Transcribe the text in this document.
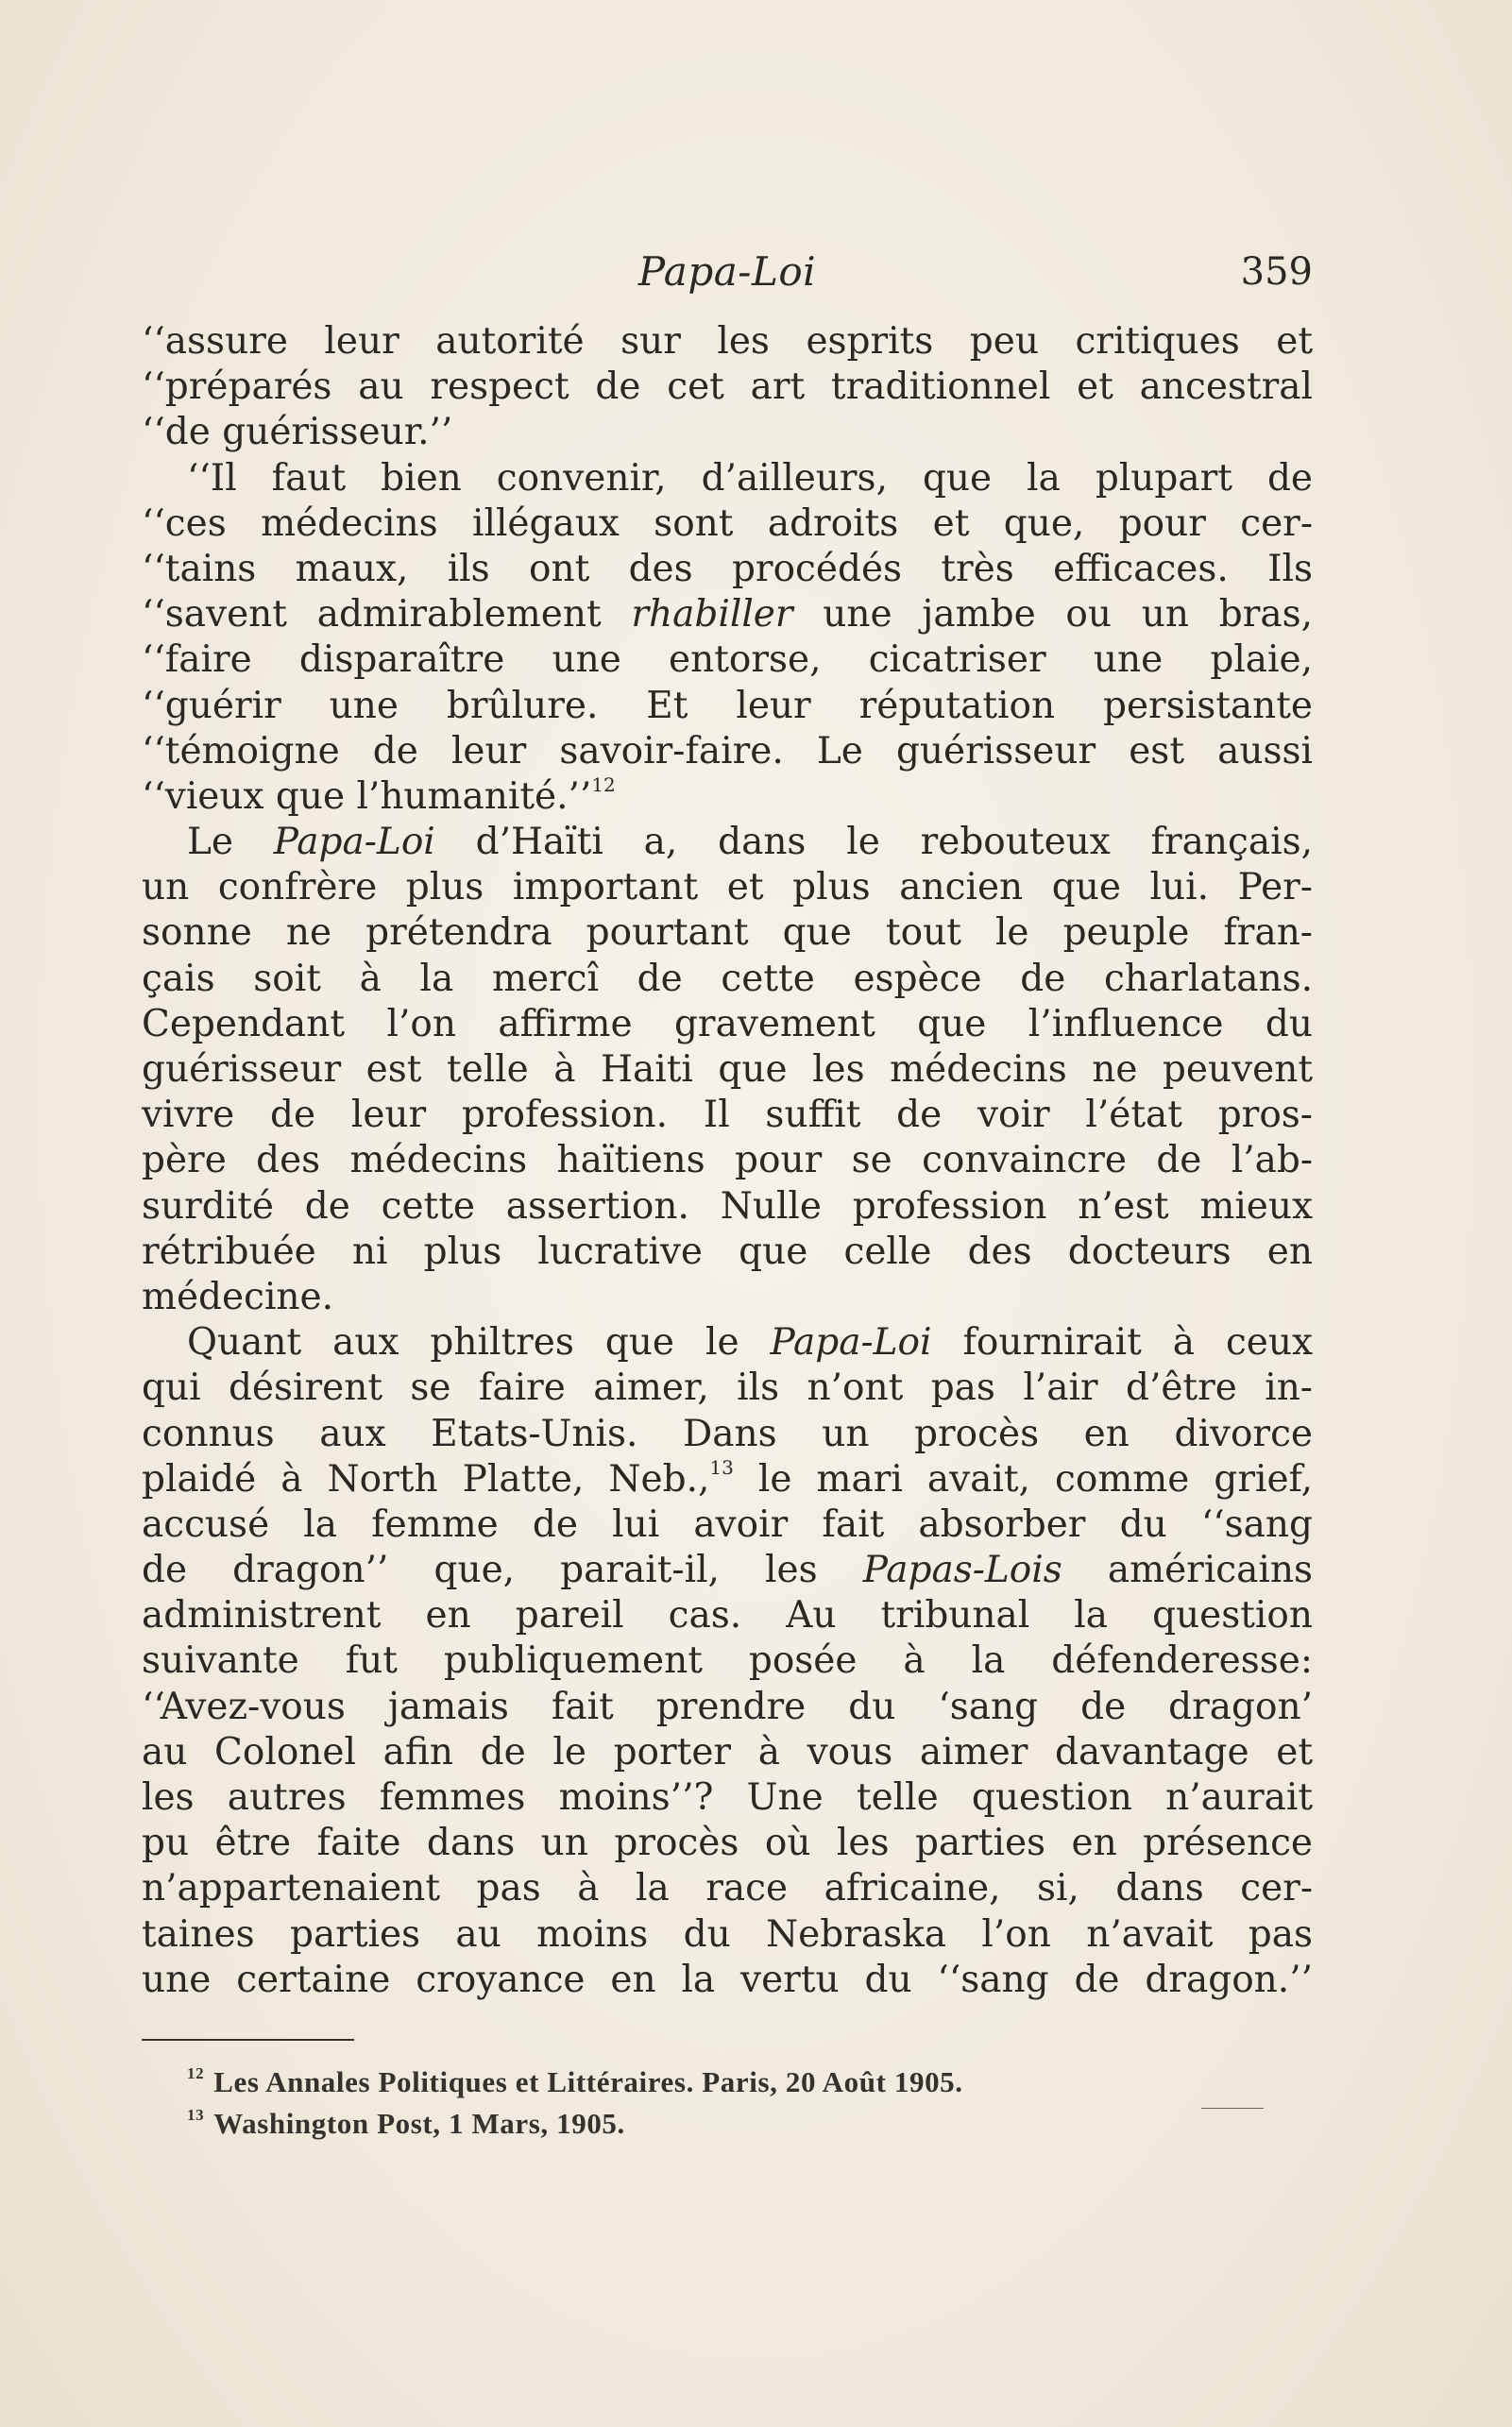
Papa-Loi	359
‘‘assure leur autorité sur les esprits peu critiques et
‘‘préparés au respect de cet art traditionnel et ancestral
‘‘de guérisseur.’’
‘‘Il faut bien convenir, d’ailleurs, que la plupart de
‘‘ces médecins illégaux sont adroits et que, pour cer-
‘‘tains maux, ils ont des procédés très efficaces. Ils
‘‘savent admirablement rhabiller une jambe ou un bras,
‘‘faire disparaître une entorse, cicatriser une plaie,
‘‘guérir une brûlure. Et leur réputation persistante
‘‘témoigne de leur savoir-faire. Le guérisseur est aussi
‘‘vieux que l’humanité.’’$^{12}$
Le Papa-Loi d’Haïti a, dans le rebouteux français,
un confrère plus important et plus ancien que lui. Per-
sonne ne prétendra pourtant que tout le peuple fran-
çais soit à la mercî de cette espèce de charlatans.
Cependant l’on affirme gravement que l’influence du
guérisseur est telle à Haiti que les médecins ne peuvent
vivre de leur profession. Il suffit de voir l’état pros-
père des médecins haïtiens pour se convaincre de l’ab-
surdité de cette assertion. Nulle profession n’est mieux
rétribuée ni plus lucrative que celle des docteurs en
médecine.
Quant aux philtres que le Papa-Loi fournirait à ceux
qui désirent se faire aimer, ils n’ont pas l’air d’être in-
connus aux Etats-Unis. Dans un procès en divorce
plaidé à North Platte, Neb.,$^{13}$ le mari avait, comme grief,
accusé la femme de lui avoir fait absorber du ‘‘sang
de dragon’’ que, parait-il, les Papas-Lois américains
administrent en pareil cas. Au tribunal la question
suivante fut publiquement posée à la défenderesse:
‘‘Avez-vous jamais fait prendre du ‘sang de dragon’
au Colonel afin de le porter à vous aimer davantage et
les autres femmes moins’’? Une telle question n’aurait
pu être faite dans un procès où les parties en présence
n’appartenaient pas à la race africaine, si, dans cer-
taines parties au moins du Nebraska l’on n’avait pas
une certaine croyance en la vertu du ‘‘sang de dragon.’’
$^{12}$ Les Annales Politiques et Littéraires. Paris, 20 Août 1905.
$^{13}$ Washington Post, 1 Mars, 1905.
